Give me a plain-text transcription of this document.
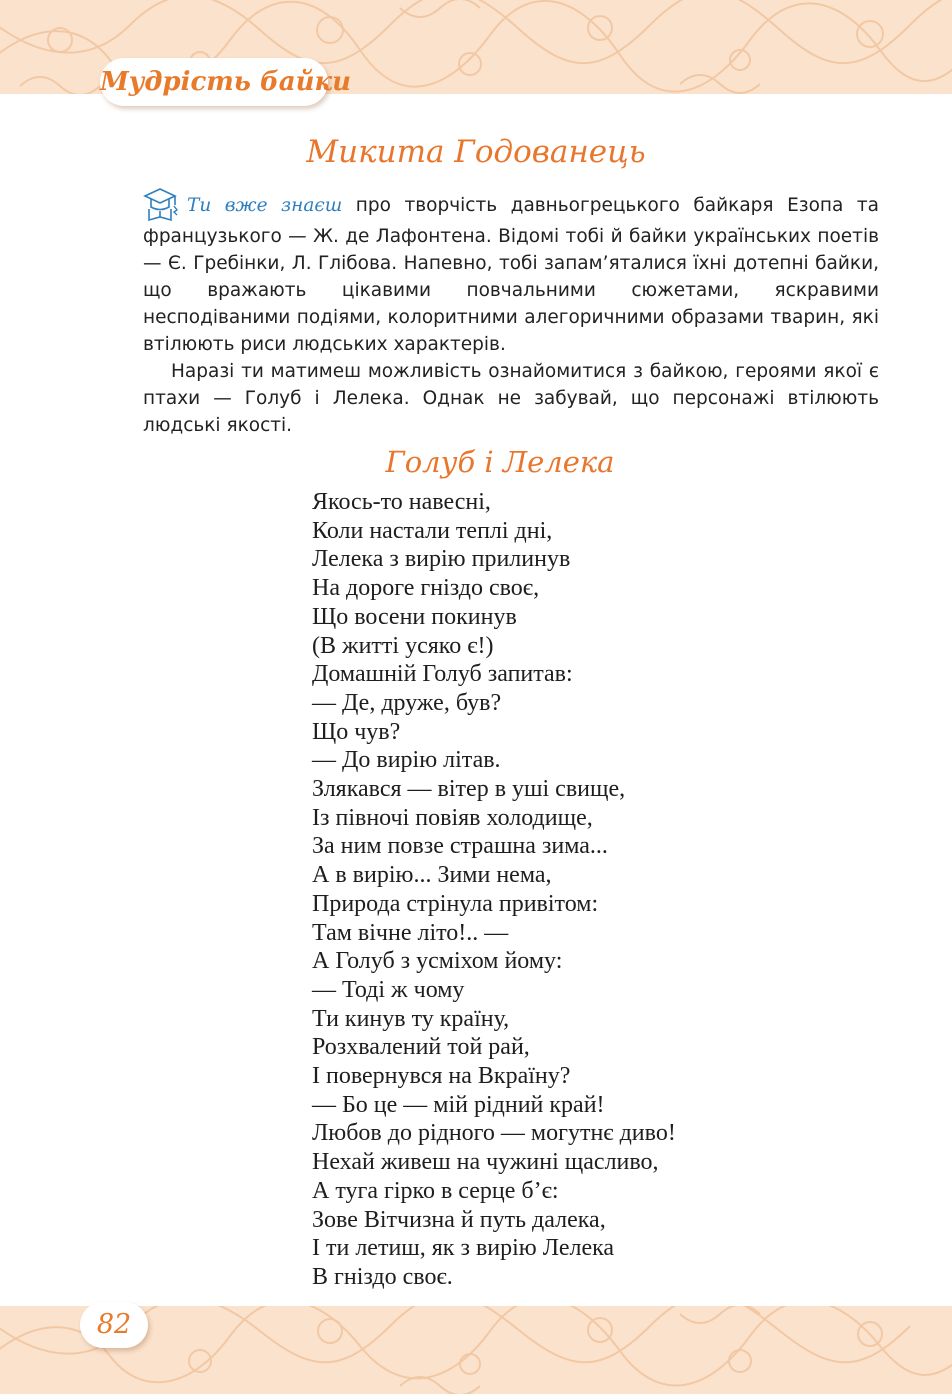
Мудрість байки
Микита Годованець

Ти вже знаєш про творчість давньогрецького байкаря Езопа та французького — Ж. де Лафонтена. Відомі тобі й байки українських поетів — Є. Гребінки, Л. Глібова. Напевно, тобі запам’яталися їхні дотепні байки, що вражають цікавими повчальними сюжетами, яскравими несподіваними подіями, колоритними алегоричними образами тварин, які втілюють риси людських характерів.

Наразі ти матимеш можливість ознайомитися з байкою, героями якої є птахи — Голуб і Лелека. Однак не забувай, що персонажі втілюють людські якості.

Голуб і Лелека
Якось-то навесні,
Коли настали теплі дні,
Лелека з вирію прилинув
На дороге гніздо своє,
Що восени покинув
(В житті усяко є!)
Домашній Голуб запитав:
— Де, друже, був?
Що чув?
— До вирію літав.
Злякався — вітер в уші свище,
Із півночі повіяв холодище,
За ним повзе страшна зима...
А в вирію... Зими нема,
Природа стрінула привітом:
Там вічне літо!.. —
А Голуб з усміхом йому:
— Тоді ж чому
Ти кинув ту країну,
Розхвалений той рай,
І повернувся на Вкраїну?
— Бо це — мій рідний край!
Любов до рідного — могутнє диво!
Нехай живеш на чужині щасливо,
А туга гірко в серце б’є:
Зове Вітчизна й путь далека,
І ти летиш, як з вирію Лелека
В гніздо своє.
82
